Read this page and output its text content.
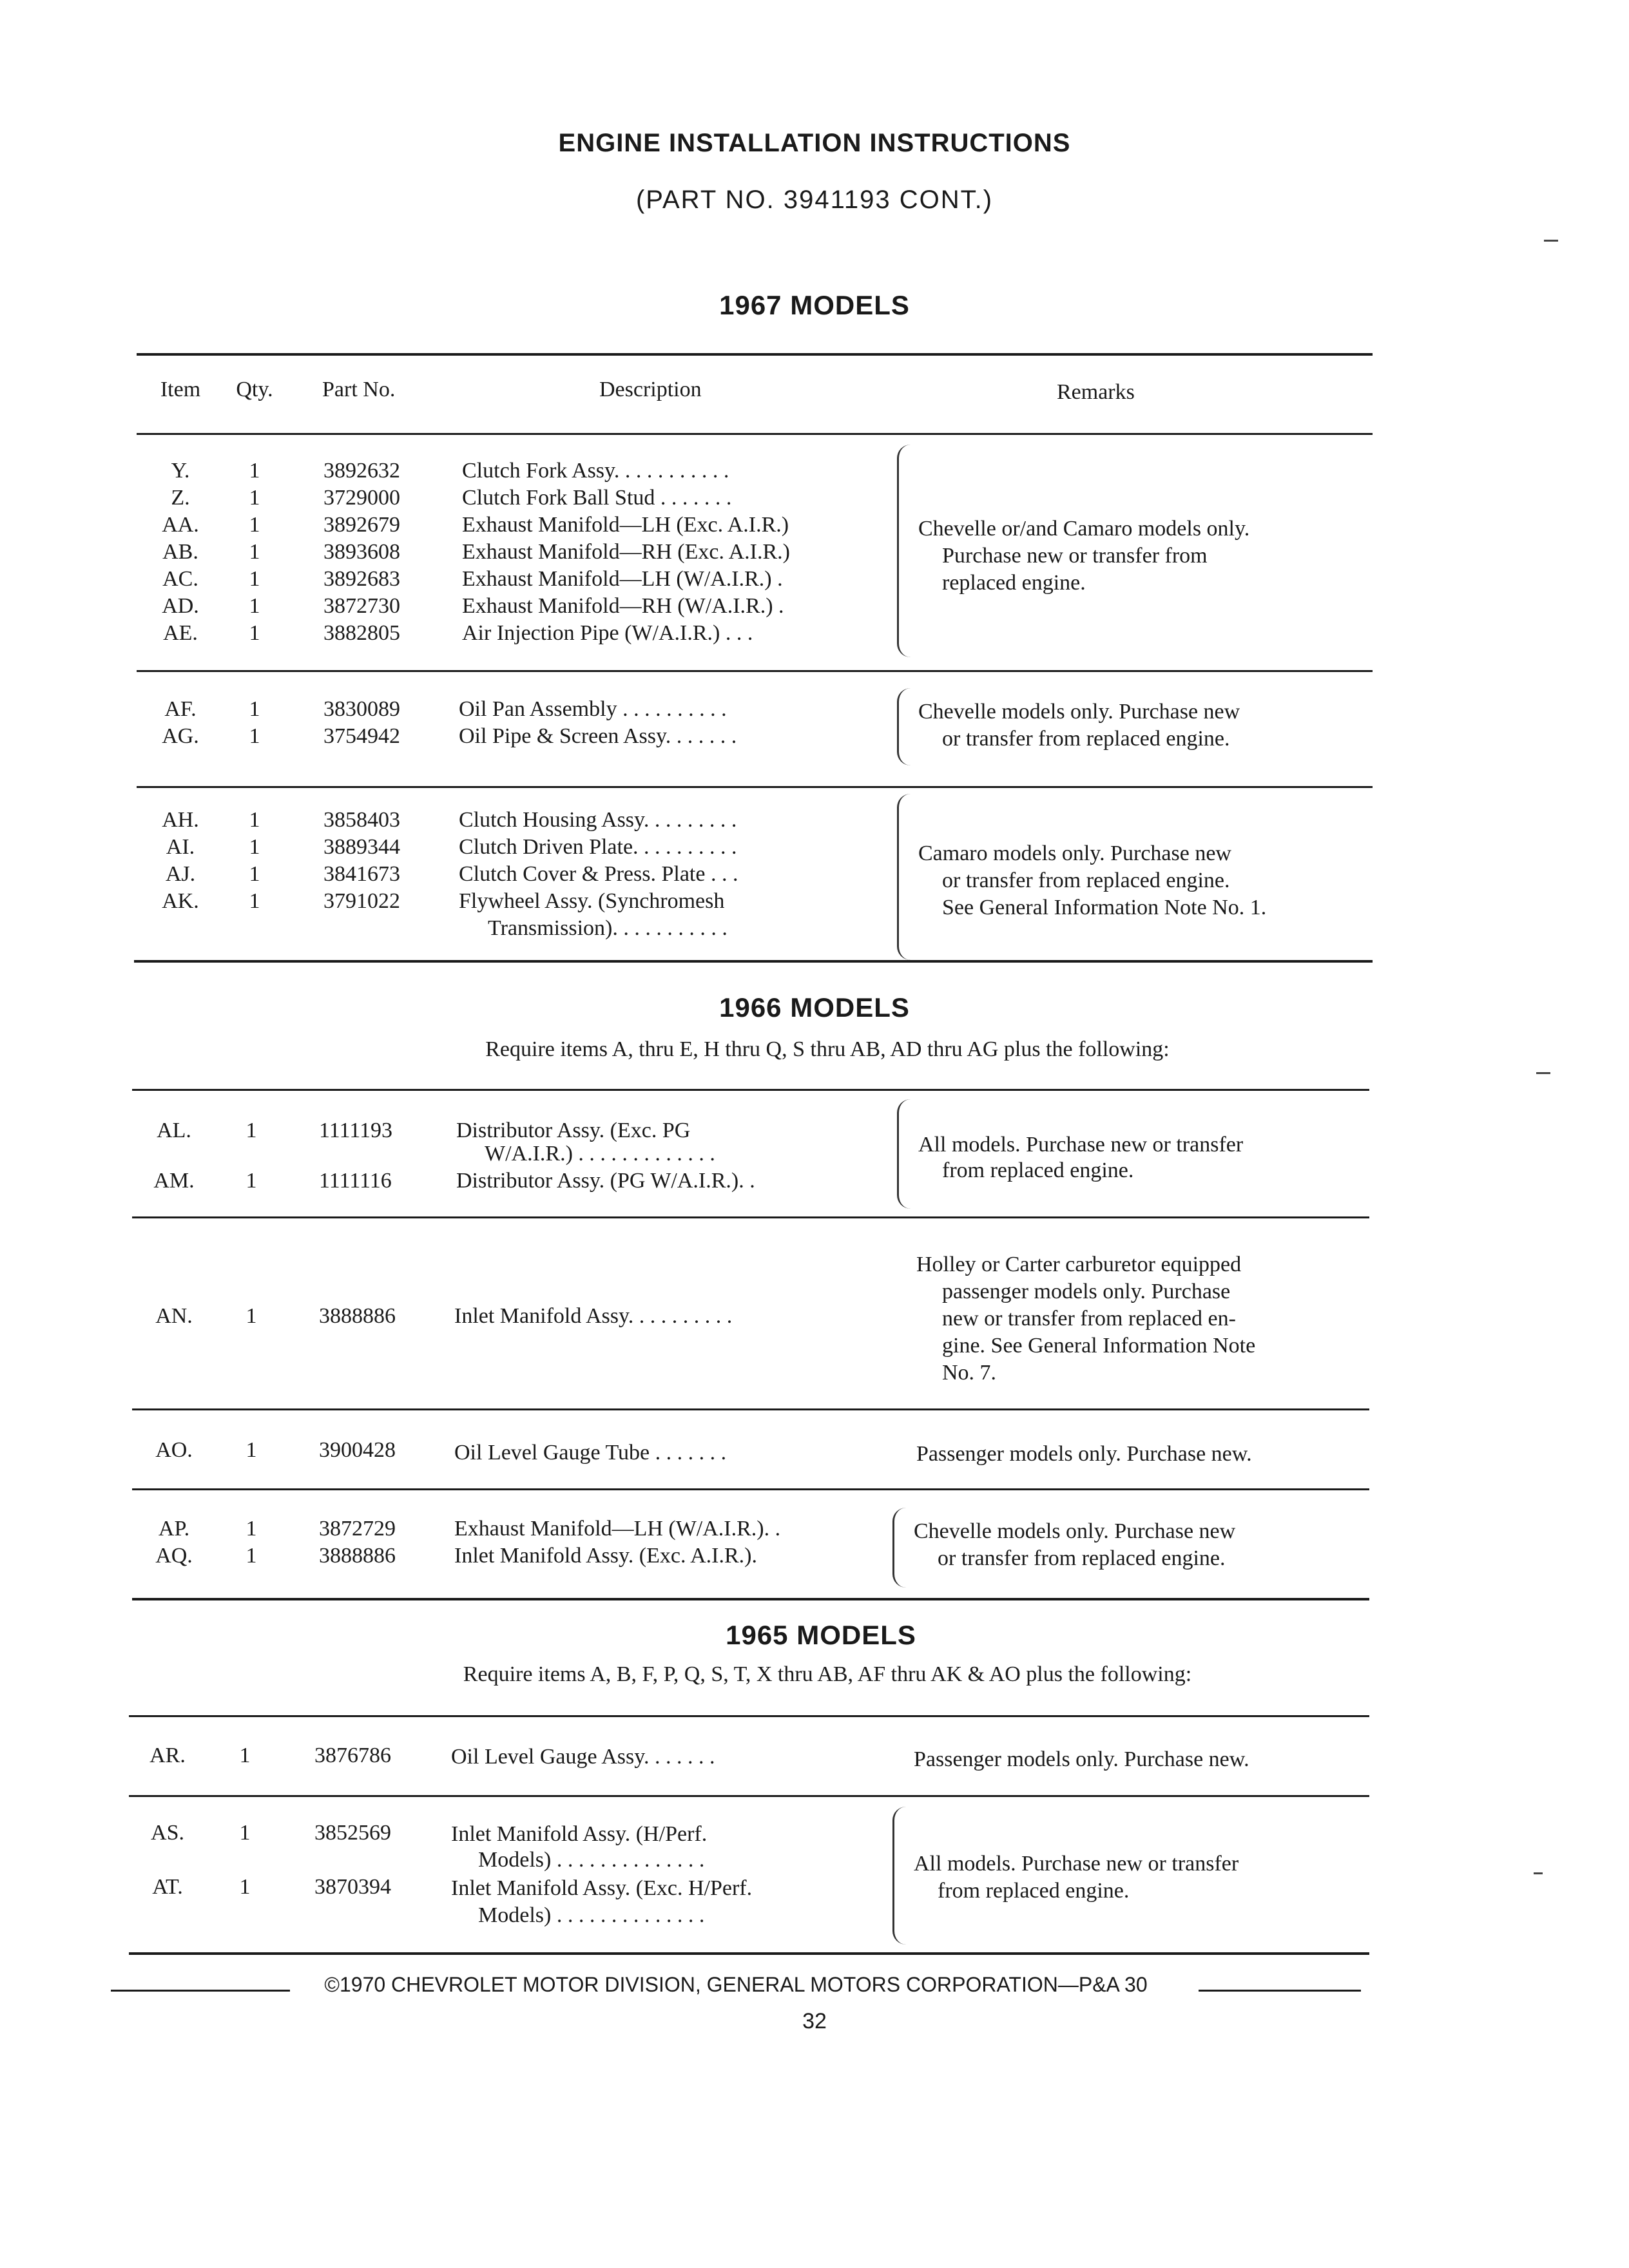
ENGINE INSTALLATION INSTRUCTIONS
(PART NO. 3941193 CONT.)
1967 MODELS
Item	Qty.	Part No.	Description	Remarks
Y.	1	3892632	Clutch Fork Assy. . . . . . . . . . .
Z.	1	3729000	Clutch Fork Ball Stud . . . . . . .
AA.	1	3892679	Exhaust Manifold—LH (Exc. A.I.R.)
AB.	1	3893608	Exhaust Manifold—RH (Exc. A.I.R.)
AC.	1	3892683	Exhaust Manifold—LH (W/A.I.R.) .
AD.	1	3872730	Exhaust Manifold—RH (W/A.I.R.) .
AE.	1	3882805	Air Injection Pipe (W/A.I.R.) . . .
Chevelle or/and Camaro models only.
Purchase new or transfer from
replaced engine.
AF.	1	3830089	Oil Pan Assembly . . . . . . . . . .
AG.	1	3754942	Oil Pipe & Screen Assy. . . . . . .
Chevelle models only. Purchase new
or transfer from replaced engine.
AH.	1	3858403	Clutch Housing Assy. . . . . . . . .
AI.	1	3889344	Clutch Driven Plate. . . . . . . . . .
AJ.	1	3841673	Clutch Cover & Press. Plate . . .
AK.	1	3791022	Flywheel Assy. (Synchromesh
Transmission). . . . . . . . . . .
Camaro models only. Purchase new
or transfer from replaced engine.
See General Information Note No. 1.
1966 MODELS
Require items A, thru E, H thru Q, S thru AB, AD thru AG plus the following:
AL.	1	1111193	Distributor Assy. (Exc. PG
W/A.I.R.) . . . . . . . . . . . . .
AM.	1	1111116	Distributor Assy. (PG W/A.I.R.). .
All models. Purchase new or transfer
from replaced engine.
AN.	1	3888886	Inlet Manifold Assy. . . . . . . . . .
Holley or Carter carburetor equipped
passenger models only. Purchase
new or transfer from replaced en-
gine. See General Information Note
No. 7.
AO.	1	3900428	Oil Level Gauge Tube . . . . . . .	Passenger models only. Purchase new.
AP.	1	3872729	Exhaust Manifold—LH (W/A.I.R.). .
AQ.	1	3888886	Inlet Manifold Assy. (Exc. A.I.R.).
Chevelle models only. Purchase new
or transfer from replaced engine.
1965 MODELS
Require items A, B, F, P, Q, S, T, X thru AB, AF thru AK & AO plus the following:
AR.	1	3876786	Oil Level Gauge Assy. . . . . . .	Passenger models only. Purchase new.
AS.	1	3852569	Inlet Manifold Assy. (H/Perf.
Models) . . . . . . . . . . . . . .
AT.	1	3870394	Inlet Manifold Assy. (Exc. H/Perf.
Models) . . . . . . . . . . . . . .
All models. Purchase new or transfer
from replaced engine.
©1970 CHEVROLET MOTOR DIVISION, GENERAL MOTORS CORPORATION—P&A 30
32
